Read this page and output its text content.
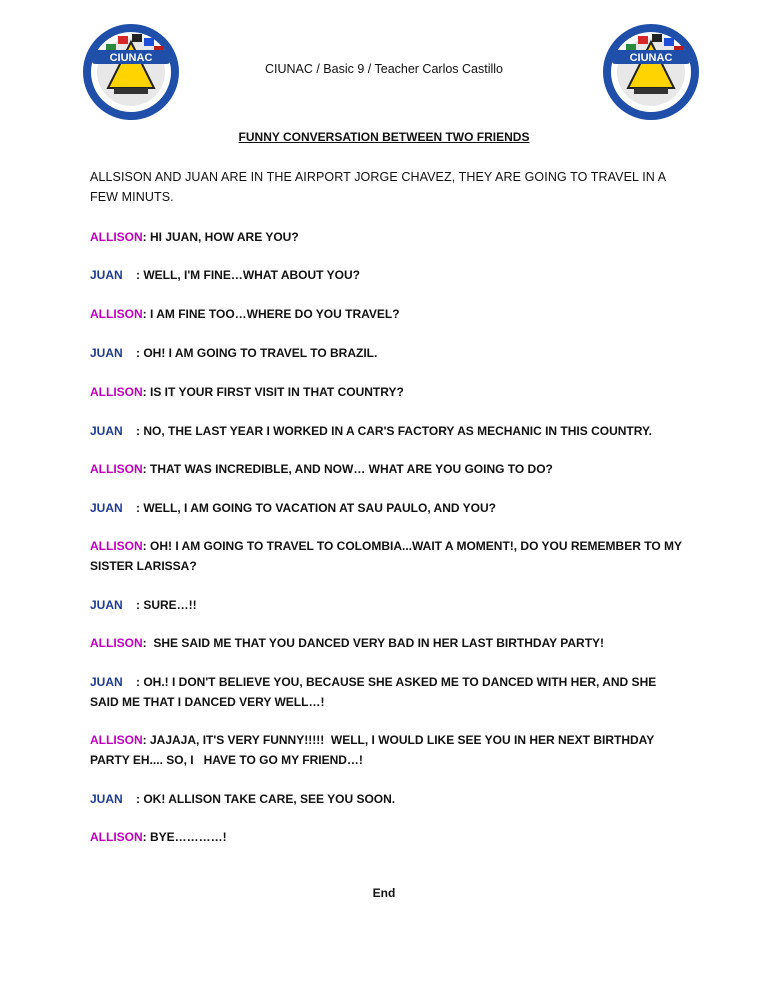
CIUNAC	CIUNAC
CIUNAC / Basic 9 / Teacher Carlos Castillo
FUNNY CONVERSATION BETWEEN TWO FRIENDS
ALLSISON AND JUAN ARE IN THE AIRPORT JORGE CHAVEZ, THEY ARE GOING TO TRAVEL IN A FEW MINUTS.
ALLISON: HI JUAN, HOW ARE YOU?
JUAN : WELL, I'M FINE…WHAT ABOUT YOU?
ALLISON: I AM FINE TOO…WHERE DO YOU TRAVEL?
JUAN : OH! I AM GOING TO TRAVEL TO BRAZIL.
ALLISON: IS IT YOUR FIRST VISIT IN THAT COUNTRY?
JUAN : NO, THE LAST YEAR I WORKED IN A CAR'S FACTORY AS MECHANIC IN THIS COUNTRY.
ALLISON: THAT WAS INCREDIBLE, AND NOW… WHAT ARE YOU GOING TO DO?
JUAN : WELL, I AM GOING TO VACATION AT SAU PAULO, AND YOU?
ALLISON: OH! I AM GOING TO TRAVEL TO COLOMBIA...WAIT A MOMENT!, DO YOU REMEMBER TO MY SISTER LARISSA?
JUAN : SURE…!!
ALLISON:  SHE SAID ME THAT YOU DANCED VERY BAD IN HER LAST BIRTHDAY PARTY!
JUAN : OH.! I DON'T BELIEVE YOU, BECAUSE SHE ASKED ME TO DANCED WITH HER, AND SHE SAID ME THAT I DANCED VERY WELL…!
ALLISON: JAJAJA, IT'S VERY FUNNY!!!!!  WELL, I WOULD LIKE SEE YOU IN HER NEXT BIRTHDAY PARTY EH.... SO, I   HAVE TO GO MY FRIEND…!
JUAN : OK! ALLISON TAKE CARE, SEE YOU SOON.
ALLISON: BYE…………!
End
